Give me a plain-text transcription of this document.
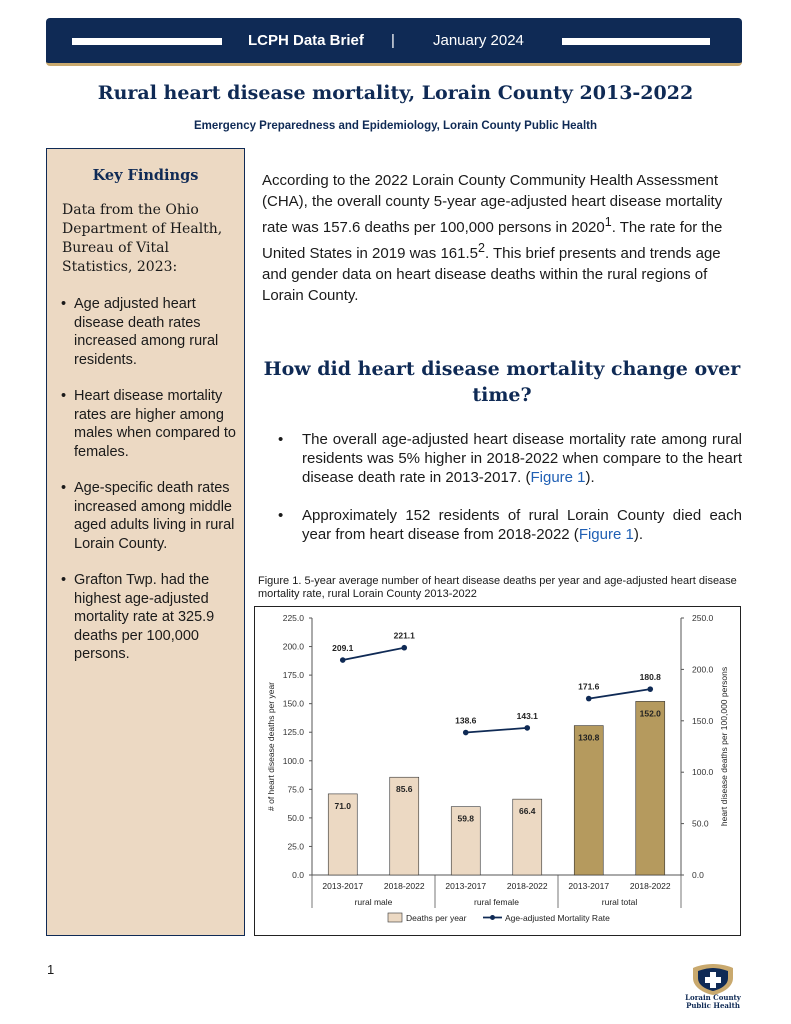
LCPH Data Brief |	January 2024
Rural heart disease mortality, Lorain County 2013-2022
Emergency Preparedness and Epidemiology, Lorain County Public Health
Key Findings
Data from the Ohio Department of Health, Bureau of Vital Statistics, 2023:
• Age adjusted heart disease death rates increased among rural residents.
• Heart disease mortality rates are higher among males when compared to females.
• Age-specific death rates increased among middle aged adults living in rural Lorain County.
• Grafton Twp. had the highest age-adjusted mortality rate at 325.9 deaths per 100,000 persons.

According to the 2022 Lorain County Community Health Assessment (CHA), the overall county 5-year age-adjusted heart disease mortality rate was 157.6 deaths per 100,000 persons in 2020$^1$. The rate for the United States in 2019 was 161.5$^2$. This brief presents and trends age and gender data on heart disease deaths within the rural regions of Lorain County.

How did heart disease mortality change over time?
• The overall age-adjusted heart disease mortality rate among rural residents was 5% higher in 2018-2022 when compare to the heart disease death rate in 2013-2017. (Figure 1).
• Approximately 152 residents of rural Lorain County died each year from heart disease from 2018-2022 (Figure 1).
Figure 1. 5-year average number of heart disease deaths per year and age-adjusted heart disease mortality rate, rural Lorain County 2013-2022
0.0
25.0
50.0
75.0
100.0
125.0
150.0
175.0
200.0
225.0
0.0
50.0
100.0
150.0
200.0
250.0
71.0
85.6
59.8
66.4
130.8
152.0
209.1
221.1
138.6	143.1
171.6
180.8
2013-2017 2018-2022 2013-2017 2018-2022 2013-2017 2018-2022
rural male	rural female	rural total
# of heart disease deaths per year	heart disease deaths per 100,000 persons
Deaths per year	Age-adjusted Mortality Rate
1
Lorain County
Public Health
